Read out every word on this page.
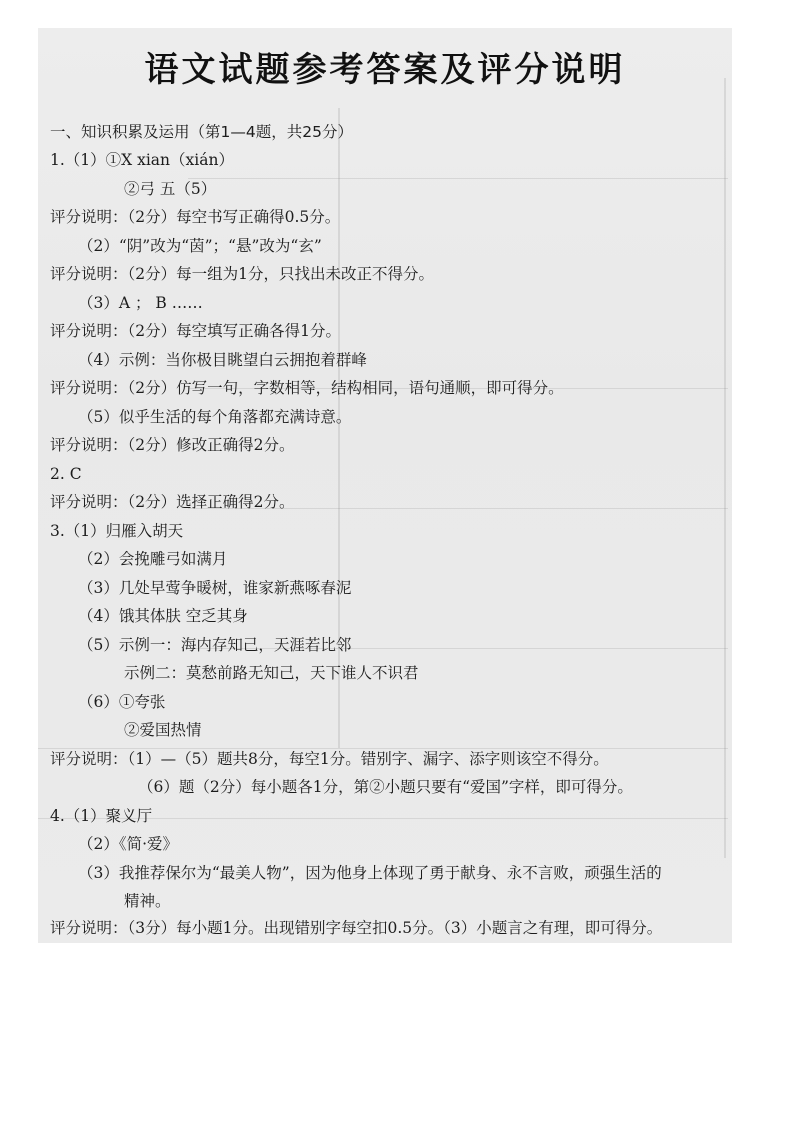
语文试题参考答案及评分说明
一、知识积累及运用（第1—4题，共25分）
1.（1）①X xian（xián）
②弓 五（5）
评分说明：（2分）每空书写正确得0.5分。
（2）“阴”改为“茵”；“悬”改为“玄”
评分说明：（2分）每一组为1分，只找出未改正不得分。
（3）A ； B ……
评分说明：（2分）每空填写正确各得1分。
（4）示例：当你极目眺望白云拥抱着群峰
评分说明：（2分）仿写一句，字数相等，结构相同，语句通顺，即可得分。
（5）似乎生活的每个角落都充满诗意。
评分说明：（2分）修改正确得2分。
2. C
评分说明：（2分）选择正确得2分。
3.（1）归雁入胡天
（2）会挽雕弓如满月
（3）几处早莺争暖树，谁家新燕啄春泥
（4）饿其体肤 空乏其身
（5）示例一：海内存知己，天涯若比邻
示例二：莫愁前路无知己，天下谁人不识君
（6）①夸张
②爱国热情
评分说明：（1）—（5）题共8分，每空1分。错别字、漏字、添字则该空不得分。
（6）题（2分）每小题各1分，第②小题只要有“爱国”字样，即可得分。
4.（1）聚义厅
（2）《简·爱》
（3）我推荐保尔为“最美人物”，因为他身上体现了勇于献身、永不言败，顽强生活的
精神。
评分说明：（3分）每小题1分。出现错别字每空扣0.5分。（3）小题言之有理，即可得分。
